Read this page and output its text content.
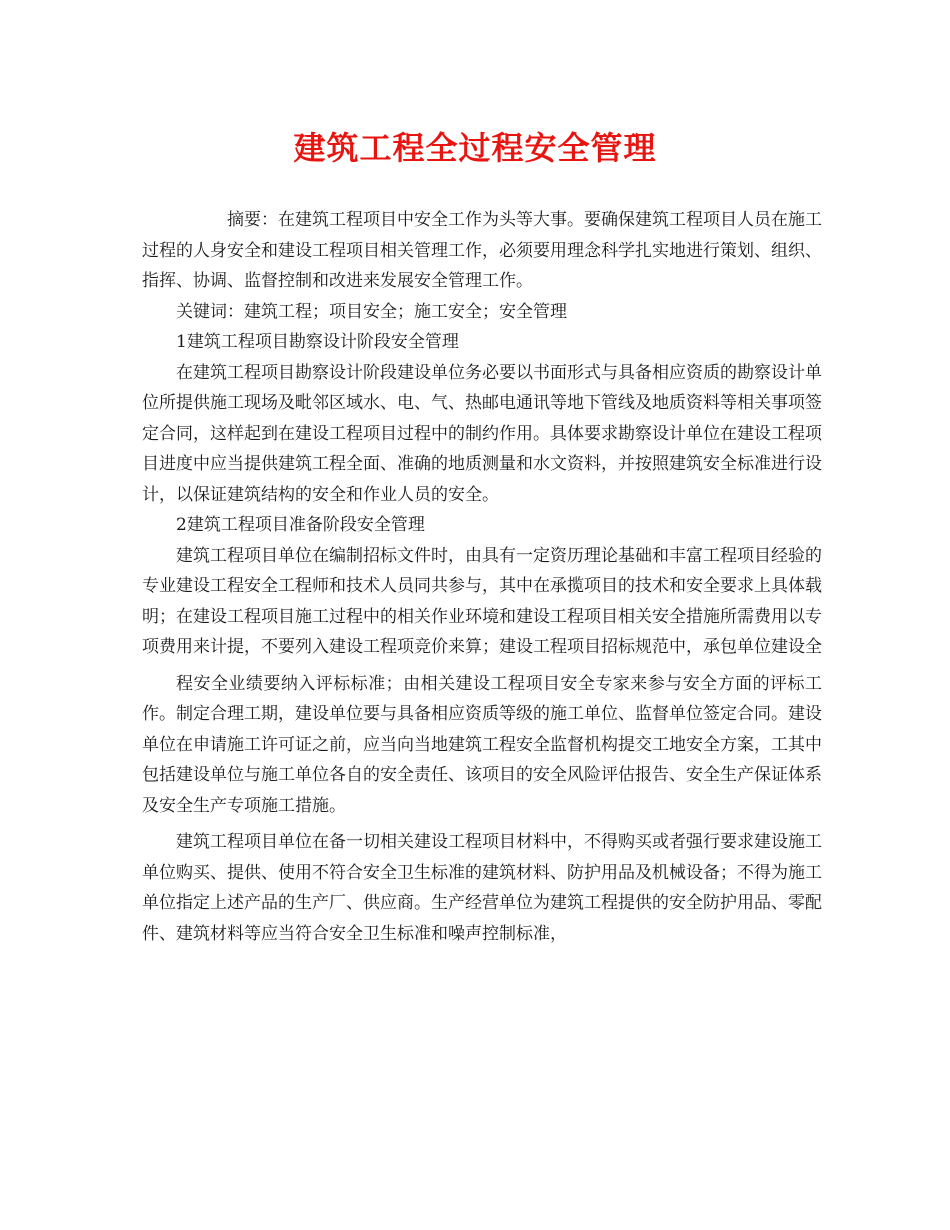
建筑工程全过程安全管理

摘要：在建筑工程项目中安全工作为头等大事。要确保建筑工程项目人员在施工过程的人身安全和建设工程项目相关管理工作，必须要用理念科学扎实地进行策划、组织、指挥、协调、监督控制和改进来发展安全管理工作。

关键词：建筑工程；项目安全；施工安全；安全管理

1建筑工程项目勘察设计阶段安全管理

在建筑工程项目勘察设计阶段建设单位务必要以书面形式与具备相应资质的勘察设计单位所提供施工现场及毗邻区域水、电、气、热邮电通讯等地下管线及地质资料等相关事项签定合同，这样起到在建设工程项目过程中的制约作用。具体要求勘察设计单位在建设工程项目进度中应当提供建筑工程全面、准确的地质测量和水文资料，并按照建筑安全标准进行设计，以保证建筑结构的安全和作业人员的安全。

2建筑工程项目准备阶段安全管理

建筑工程项目单位在编制招标文件时，由具有一定资历理论基础和丰富工程项目经验的专业建设工程安全工程师和技术人员同共参与，其中在承揽项目的技术和安全要求上具体载明；在建设工程项目施工过程中的相关作业环境和建设工程项目相关安全措施所需费用以专项费用来计提，不要列入建设工程项竞价来算；建设工程项目招标规范中，承包单位建设全

程安全业绩要纳入评标标准；由相关建设工程项目安全专家来参与安全方面的评标工作。制定合理工期，建设单位要与具备相应资质等级的施工单位、监督单位签定合同。建设单位在申请施工许可证之前，应当向当地建筑工程安全监督机构提交工地安全方案，工其中包括建设单位与施工单位各自的安全责任、该项目的安全风险评估报告、安全生产保证体系及安全生产专项施工措施。

建筑工程项目单位在备一切相关建设工程项目材料中，不得购买或者强行要求建设施工单位购买、提供、使用不符合安全卫生标准的建筑材料、防护用品及机械设备；不得为施工单位指定上述产品的生产厂、供应商。生产经营单位为建筑工程提供的安全防护用品、零配件、建筑材料等应当符合安全卫生标准和噪声控制标准，
